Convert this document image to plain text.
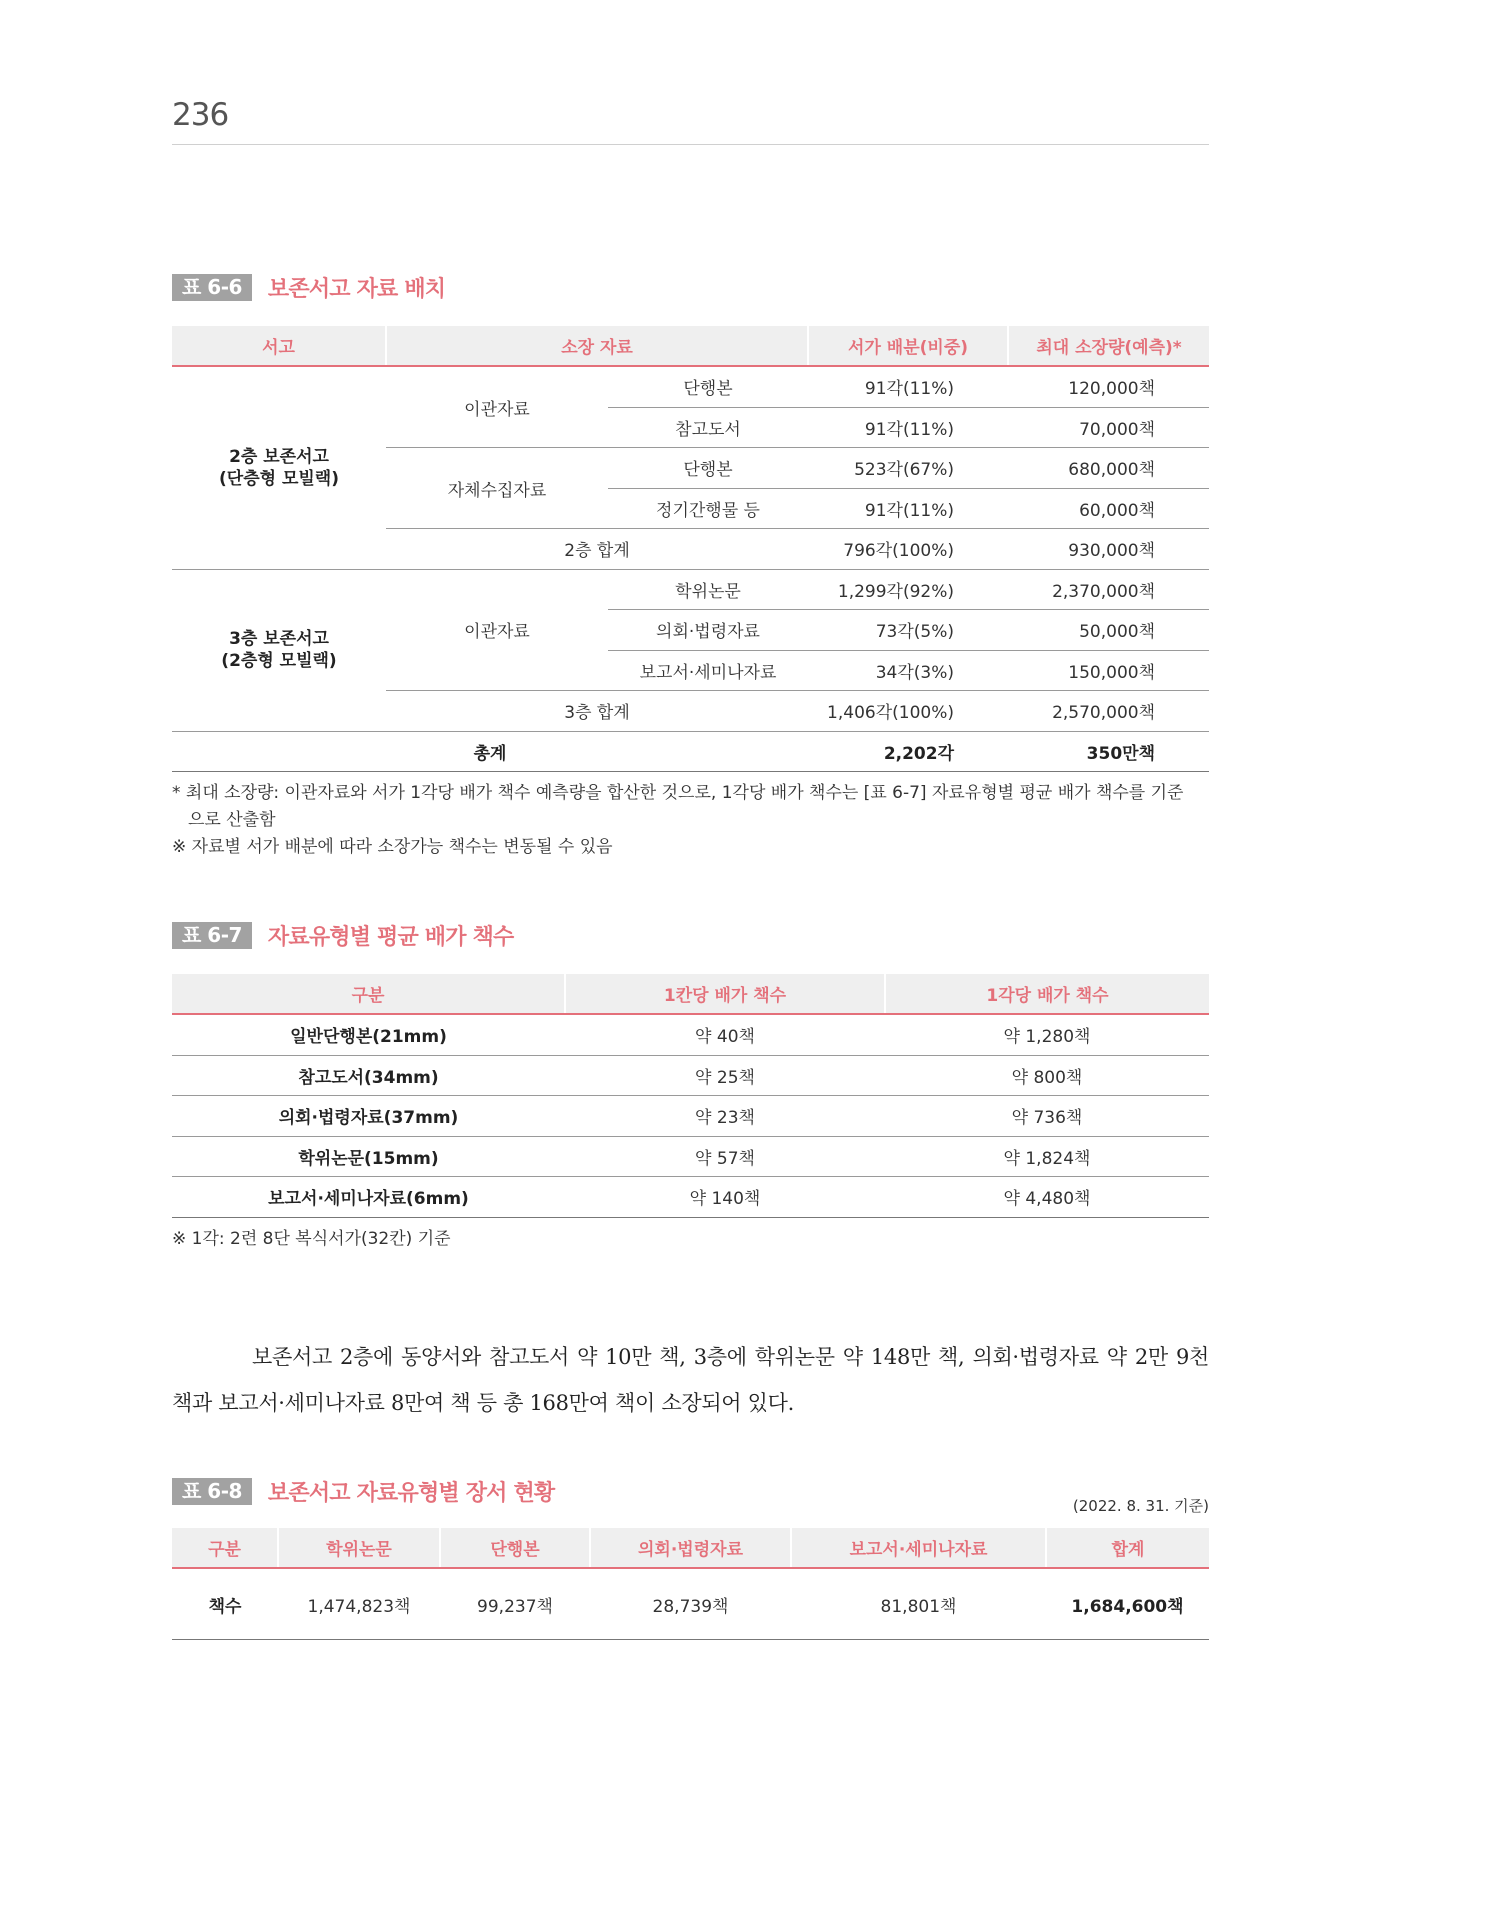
236
표 6-6	보존서고 자료 배치
서고	소장 자료		서가 배분(비중)	최대 소장량(예측)*

2층 보존서고
(단층형 모빌랙)	이관자료	단행본	91각(11%)	120,000책
		참고도서	91각(11%)	70,000책
	자체수집자료	단행본	523각(67%)	680,000책
		정기간행물 등	91각(11%)	60,000책
	2층 합계		796각(100%)	930,000책

3층 보존서고
(2층형 모빌랙)	이관자료	학위논문	1,299각(92%)	2,370,000책
		의회·법령자료	73각(5%)	50,000책
		보고서·세미나자료	34각(3%)	150,000책
	3층 합계		1,406각(100%)	2,570,000책
총계			2,202각	350만책

* 최대 소장량: 이관자료와 서가 1각당 배가 책수 예측량을 합산한 것으로, 1각당 배가 책수는 [표 6-7] 자료유형별 평균 배가 책수를 기준

으로 산출함

※ 자료별 서가 배분에 따라 소장가능 책수는 변동될 수 있음

표 6-7	자료유형별 평균 배가 책수
구분	1칸당 배가 책수	1각당 배가 책수
일반단행본(21mm)	약 40책	약 1,280책
참고도서(34mm)	약 25책	약 800책
의회·법령자료(37mm)	약 23책	약 736책
학위논문(15mm)	약 57책	약 1,824책
보고서·세미나자료(6mm)	약 140책	약 4,480책

※ 1각: 2련 8단 복식서가(32칸) 기준

보존서고 2층에 동양서와 참고도서 약 10만 책, 3층에 학위논문 약 148만 책, 의회·법령자료 약 2만 9천 책과 보고서·세미나자료 8만여 책 등 총 168만여 책이 소장되어 있다.
표 6-8	보존서고 자료유형별 장서 현황
(2022. 8. 31. 기준)
구분	학위논문	단행본	의회·법령자료	보고서·세미나자료	합계
책수	1,474,823책	99,237책	28,739책	81,801책	1,684,600책
